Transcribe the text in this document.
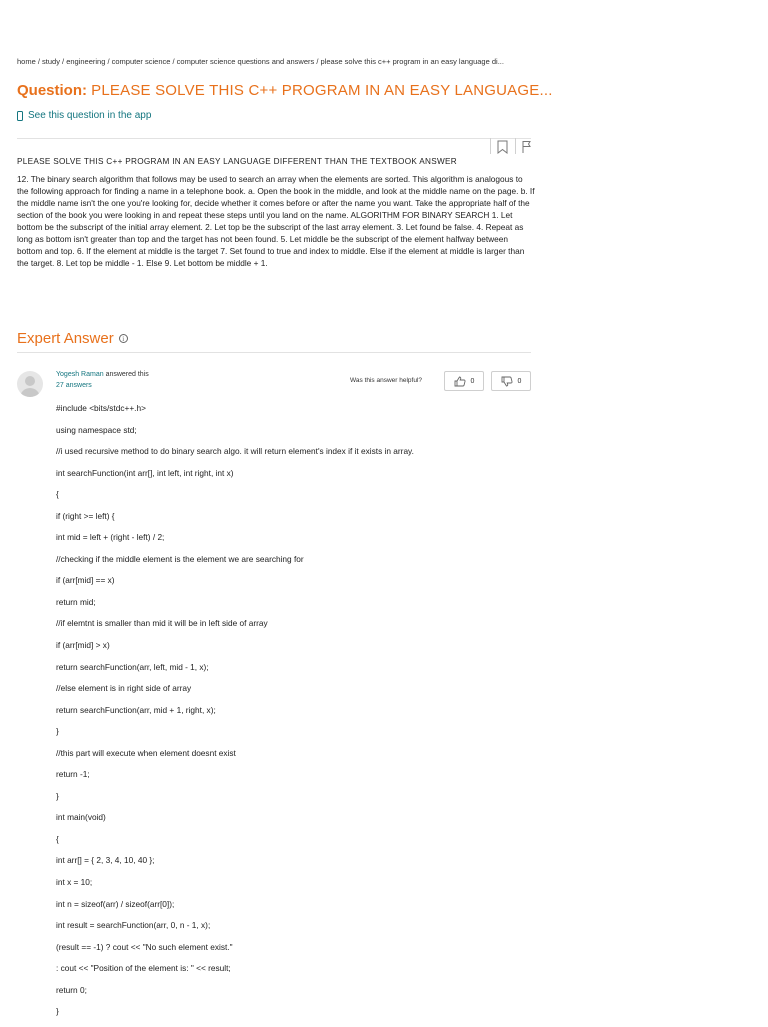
home / study / engineering / computer science / computer science questions and answers / please solve this c++ program in an easy language di...
Question: PLEASE SOLVE THIS C++ PROGRAM IN AN EASY LANGUAGE...
See this question in the app
PLEASE SOLVE THIS C++ PROGRAM IN AN EASY LANGUAGE DIFFERENT THAN THE TEXTBOOK ANSWER
12. The binary search algorithm that follows may be used to search an array when the elements are sorted. This algorithm is analogous to the following approach for finding a name in a telephone book. a. Open the book in the middle, and look at the middle name on the page. b. If the middle name isn't the one you're looking for, decide whether it comes before or after the name you want. Take the appropriate half of the section of the book you were looking in and repeat these steps until you land on the name. ALGORITHM FOR BINARY SEARCH 1. Let bottom be the subscript of the initial array element. 2. Let top be the subscript of the last array element. 3. Let found be false. 4. Repeat as long as bottom isn't greater than top and the target has not been found. 5. Let middle be the subscript of the element halfway between bottom and top. 6. If the element at middle is the target 7. Set found to true and index to middle. Else if the element at middle is larger than the target. 8. Let top be middle - 1. Else 9. Let bottom be middle + 1.
Expert Answer	i
Yogesh Raman answered this
27 answers
Was this answer helpful?	0	0
#include <bits/stdc++.h>
using namespace std;
//i used recursive method to do binary search algo. it will return element's index if it exists in array.
int searchFunction(int arr[], int left, int right, int x)
{
if (right >= left) {
int mid = left + (right - left) / 2;
//checking if the middle element is the element we are searching for
if (arr[mid] == x)
return mid;
//if elemtnt is smaller than mid it will be in left side of array
if (arr[mid] > x)
return searchFunction(arr, left, mid - 1, x);
//else element is in right side of array
return searchFunction(arr, mid + 1, right, x);
}
//this part will execute when element doesnt exist
return -1;
}
int main(void)
{
int arr[] = { 2, 3, 4, 10, 40 };
int x = 10;
int n = sizeof(arr) / sizeof(arr[0]);
int result = searchFunction(arr, 0, n - 1, x);
(result == -1) ? cout << "No such element exist."
: cout << "Position of the element is: " << result;
return 0;
}
